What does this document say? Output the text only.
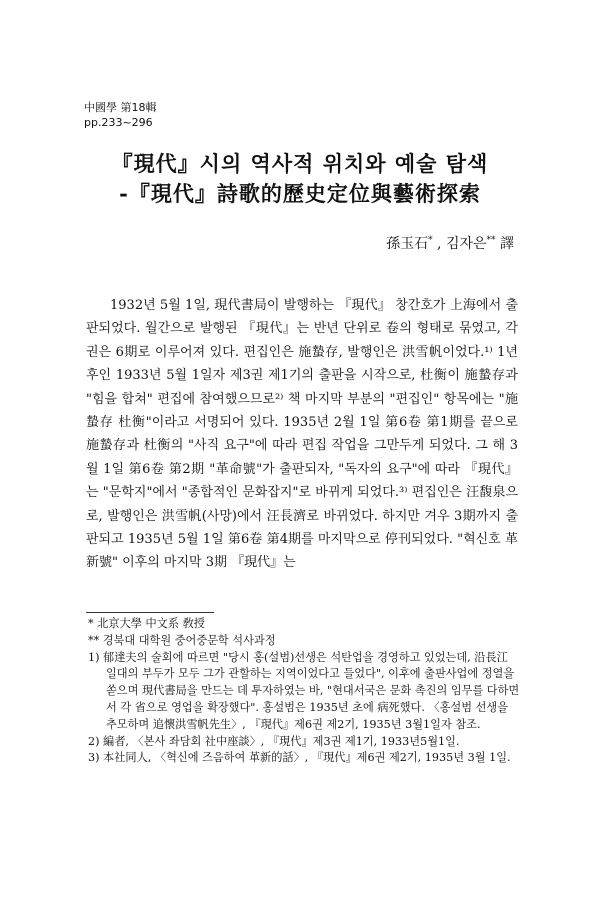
中國學 第18輯
pp.233~296
『現代』시의 역사적 위치와 예술 탐색
-『現代』詩歌的歷史定位與藝術探索
孫玉石* , 김자은** 譯

1932년 5월 1일, 現代書局이 발행하는 『現代』 창간호가 上海에서 출판되었다. 월간으로 발행된 『現代』는 반년 단위로 卷의 형태로 묶였고, 각 권은 6期로 이루어져 있다. 편집인은 施蟄存, 발행인은 洪雪帆이었다.¹⁾ 1년 후인 1933년 5월 1일자 제3권 제1기의 출판을 시작으로, 杜衡이 施蟄存과 "힘을 합쳐" 편집에 참여했으므로²⁾ 책 마지막 부분의 "편집인" 항목에는 "施蟄存 杜衡"이라고 서명되어 있다. 1935년 2월 1일 第6卷 第1期를 끝으로 施蟄存과 杜衡의 "사직 요구"에 따라 편집 작업을 그만두게 되었다. 그 해 3월 1일 第6卷 第2期 "革命號"가 출판되자, "독자의 요구"에 따라 『現代』는 "문학지"에서 "종합적인 문화잡지"로 바뀌게 되었다.³⁾ 편집인은 汪馥泉으로, 발행인은 洪雪帆(사망)에서 汪長濟로 바뀌었다. 하지만 겨우 3期까지 출판되고 1935년 5월 1일 第6卷 第4期를 마지막으로 停刊되었다. "혁신호 革新號" 이후의 마지막 3期 『現代』는

* 北京大學 中文系 敎授

** 경북대 대학원 중어중문학 석사과정

1) 郁達夫의 술회에 따르면 "당시 홍(설범)선생은 석탄업을 경영하고 있었는데, 沿長江 일대의 부두가 모두 그가 관할하는 지역이었다고 들었다", 이후에 출판사업에 정열을 쏟으며 現代書局을 만드는 데 투자하였는 바, "현대서국은 문화 촉진의 임무를 다하면서 각 省으로 영업을 확장했다". 홍설범은 1935년 초에 病死했다. 〈홍설범 선생을 추모하며 追懷洪雪帆先生〉, 『現代』제6권 제2기, 1935년 3월1일자 참조.

2) 編者, 〈본사 좌담회 社中座談〉, 『現代』제3권 제1기, 1933년5월1일.

3) 本社同人, 〈혁신에 즈음하여 革新的話〉, 『現代』제6권 제2기, 1935년 3월 1일.
